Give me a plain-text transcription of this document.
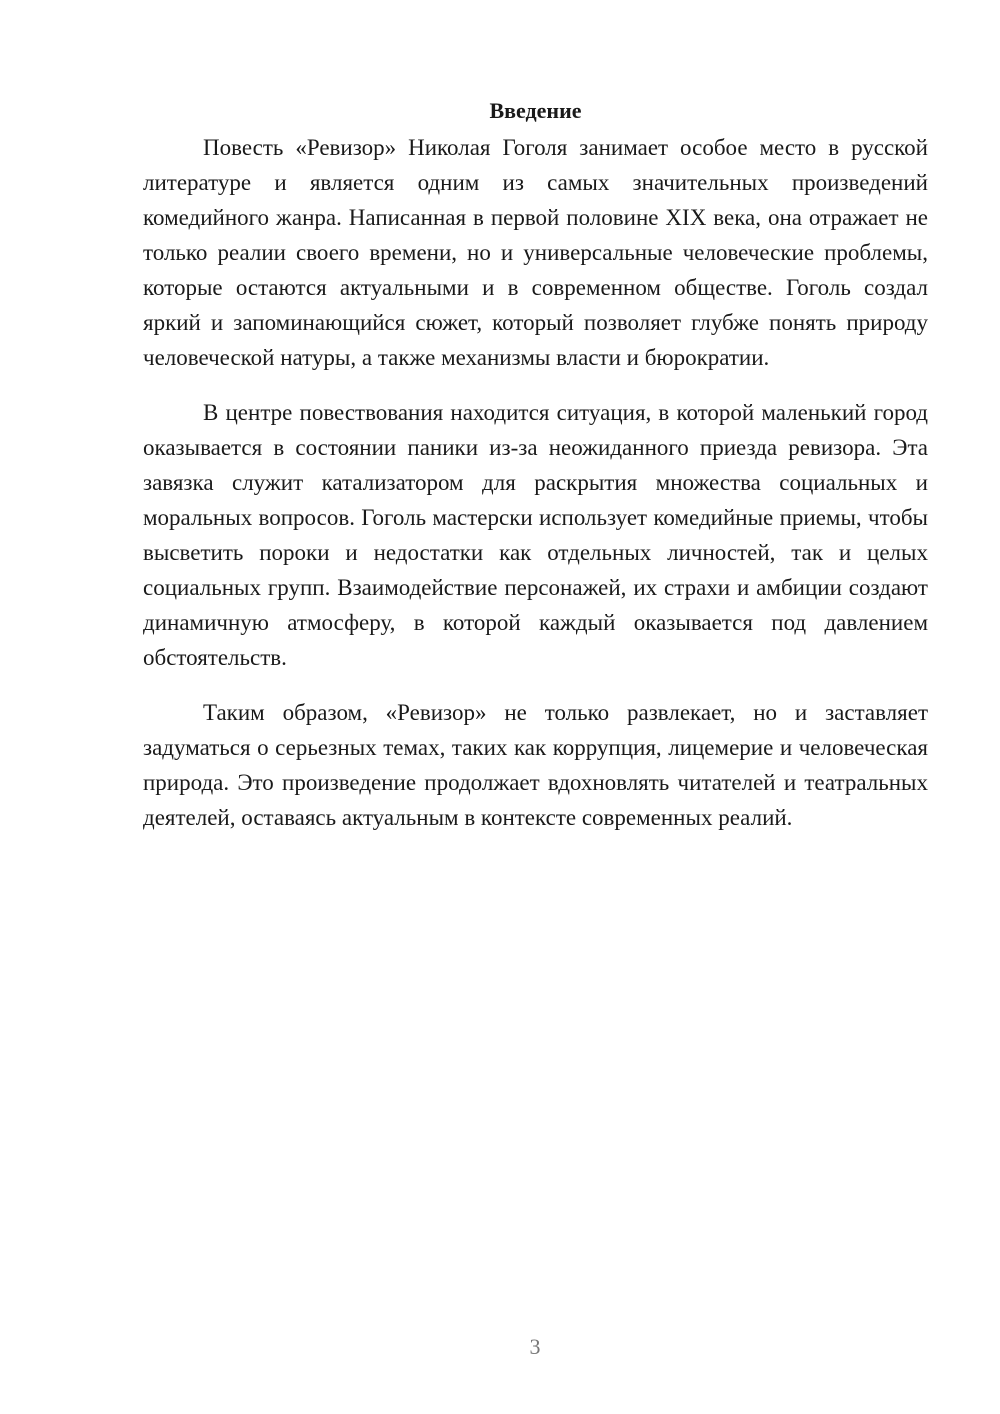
Введение

Повесть «Ревизор» Николая Гоголя занимает особое место в русской литературе и является одним из самых значительных произведений комедийного жанра. Написанная в первой половине XIX века, она отражает не только реалии своего времени, но и универсальные человеческие проблемы, которые остаются актуальными и в современном обществе. Гоголь создал яркий и запоминающийся сюжет, который позволяет глубже понять природу человеческой натуры, а также механизмы власти и бюрократии.

В центре повествования находится ситуация, в которой маленький город оказывается в состоянии паники из-за неожиданного приезда ревизора. Эта завязка служит катализатором для раскрытия множества социальных и моральных вопросов. Гоголь мастерски использует комедийные приемы, чтобы высветить пороки и недостатки как отдельных личностей, так и целых социальных групп. Взаимодействие персонажей, их страхи и амбиции создают динамичную атмосферу, в которой каждый оказывается под давлением обстоятельств.

Таким образом, «Ревизор» не только развлекает, но и заставляет задуматься о серьезных темах, таких как коррупция, лицемерие и человеческая природа. Это произведение продолжает вдохновлять читателей и театральных деятелей, оставаясь актуальным в контексте современных реалий.

3
